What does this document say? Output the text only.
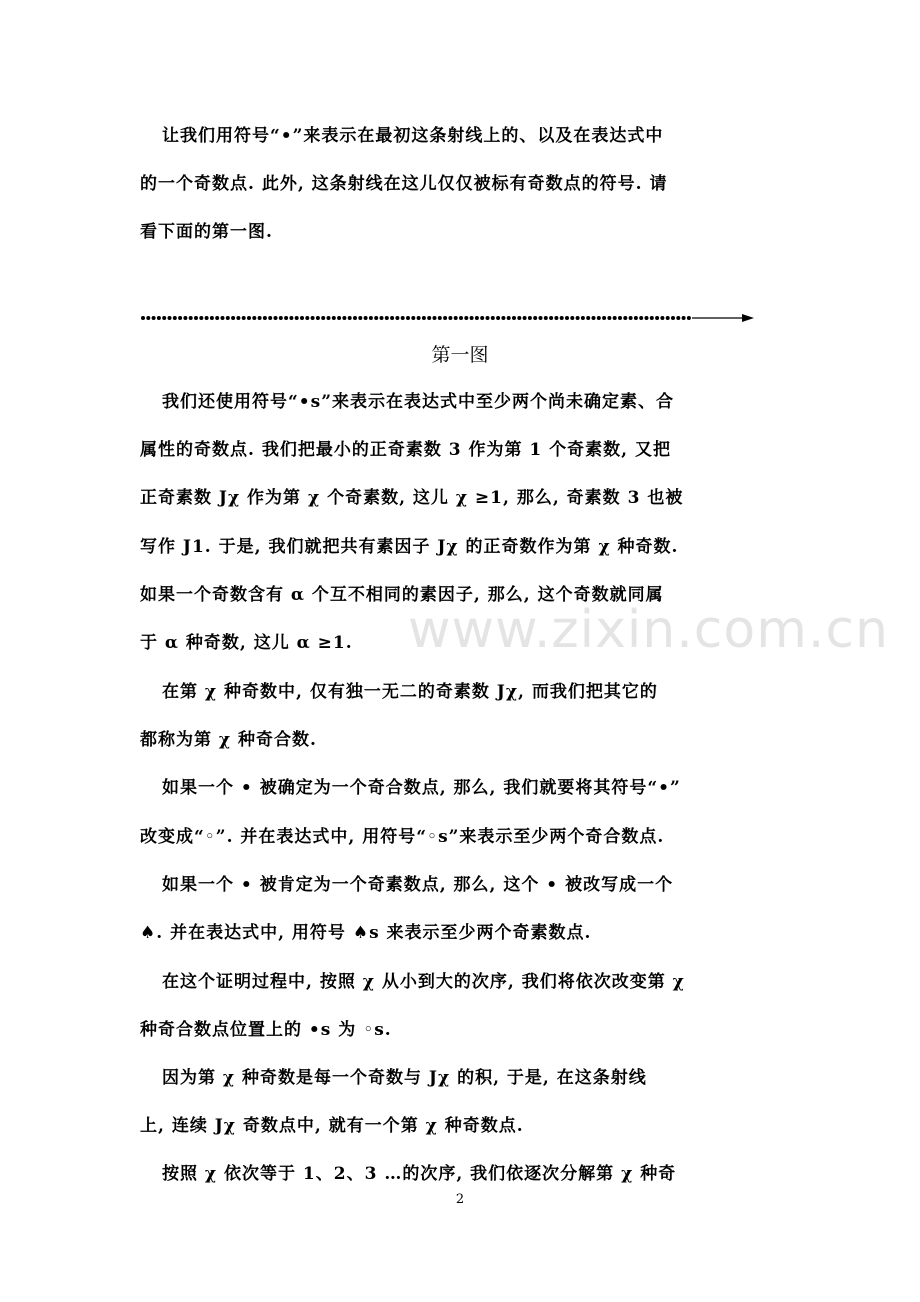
让我们用符号“•”来表示在最初这条射线上的、以及在表达式中
的一个奇数点. 此外, 这条射线在这儿仅仅被标有奇数点的符号. 请
看下面的第一图.
第一图
我们还使用符号“•s”来表示在表达式中至少两个尚未确定素、合
属性的奇数点. 我们把最小的正奇素数 3 作为第 1 个奇素数, 又把
正奇素数 Jχ 作为第 χ 个奇素数, 这儿 χ ≥1, 那么, 奇素数 3 也被
写作 J1. 于是, 我们就把共有素因子 Jχ 的正奇数作为第 χ 种奇数.
如果一个奇数含有 α 个互不相同的素因子, 那么, 这个奇数就同属
于 α 种奇数, 这儿 α ≥1.
在第 χ 种奇数中, 仅有独一无二的奇素数 Jχ, 而我们把其它的
都称为第 χ 种奇合数.
如果一个 • 被确定为一个奇合数点, 那么, 我们就要将其符号“•”
改变成“◦”. 并在表达式中, 用符号“◦s”来表示至少两个奇合数点.
如果一个 • 被肯定为一个奇素数点, 那么, 这个 • 被改写成一个
♠. 并在表达式中, 用符号 ♠s 来表示至少两个奇素数点.
在这个证明过程中, 按照 χ 从小到大的次序, 我们将依次改变第 χ
种奇合数点位置上的 •s 为 ◦s.
因为第 χ 种奇数是每一个奇数与 Jχ 的积, 于是, 在这条射线
上, 连续 Jχ 奇数点中, 就有一个第 χ 种奇数点.
按照 χ 依次等于 1、2、3 …的次序, 我们依逐次分解第 χ 种奇
2
www.zixin.com.cn
